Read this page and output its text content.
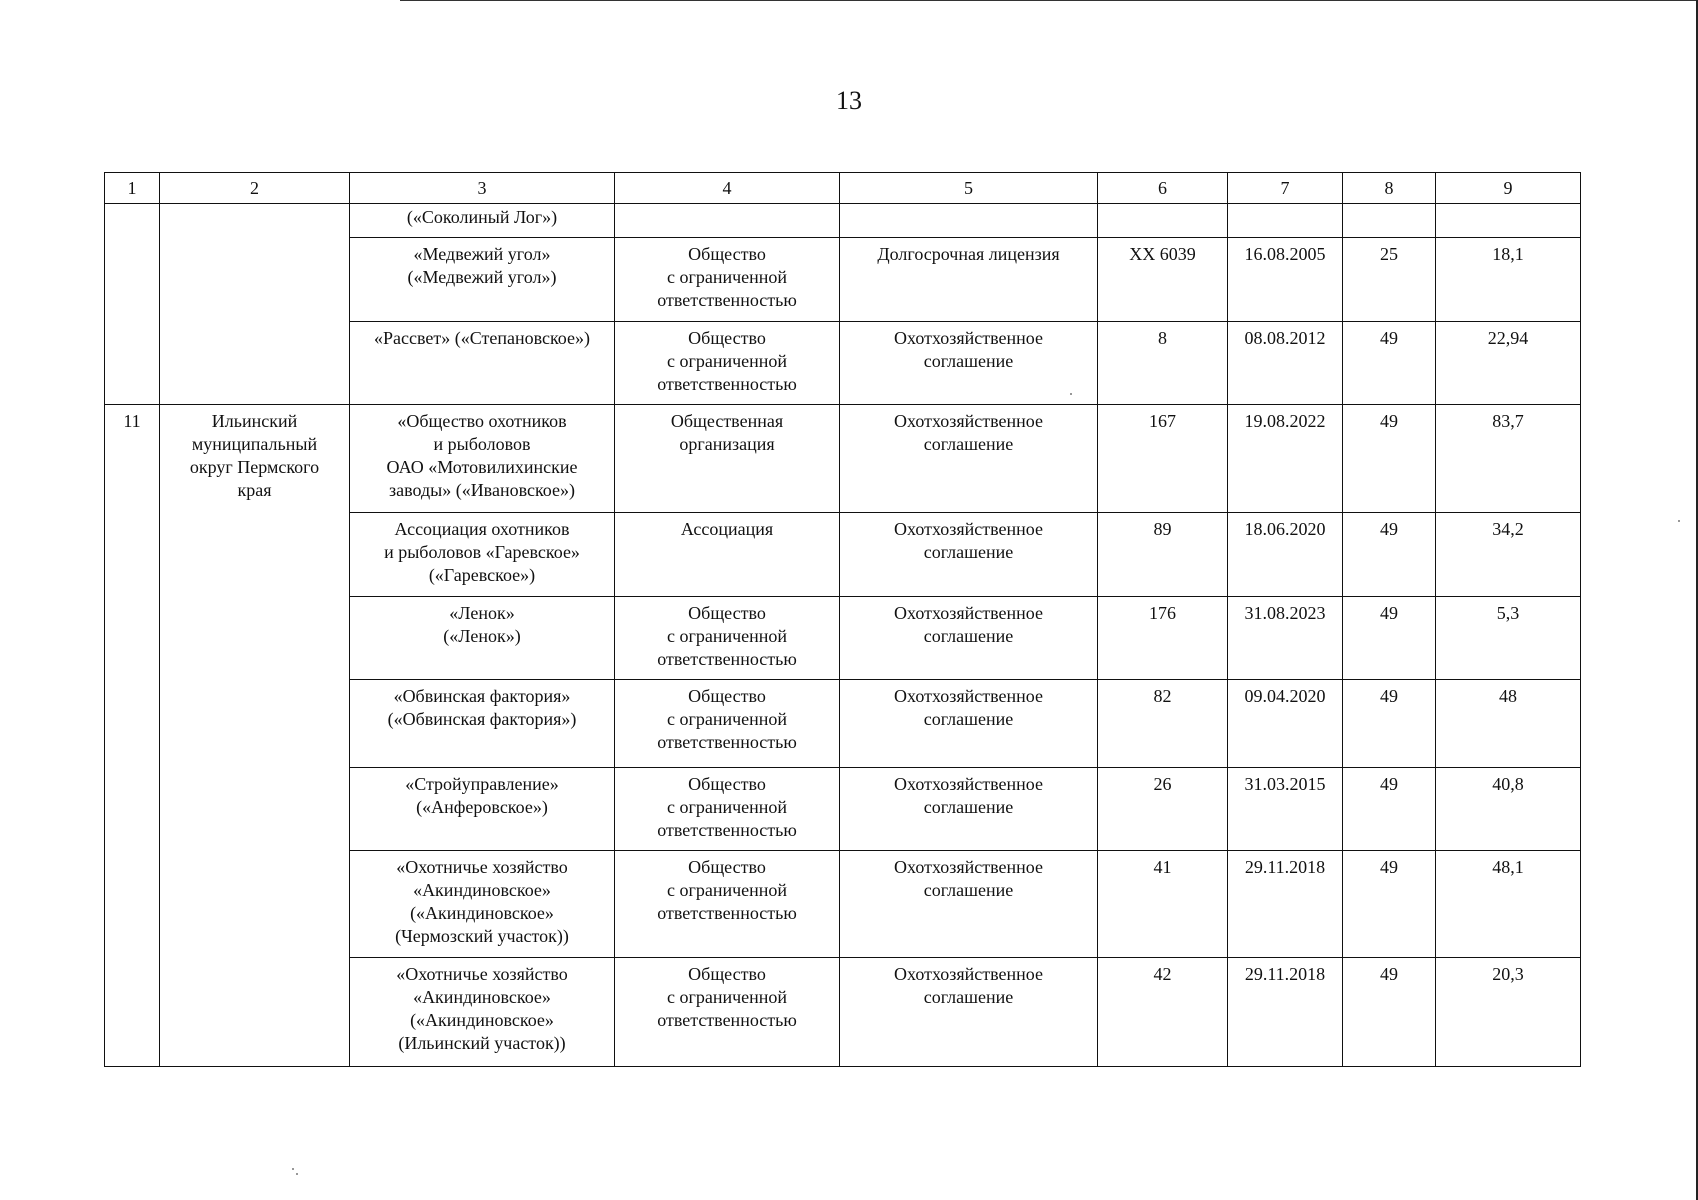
13
1	2	3	4	5	6	7	8	9
		(«Соколиный Лог»)						
		«Медвежий угол»
(«Медвежий угол»)	Общество
с ограниченной
ответственностью	Долгосрочная лицензия	ХХ 6039	16.08.2005	25	18,1
		«Рассвет» («Степановское»)	Общество
с ограниченной
ответственностью	Охотхозяйственное
соглашение	8	08.08.2012	49	22,94
11	Ильинский
муниципальный
округ Пермского
края	«Общество охотников
и рыболовов
ОАО «Мотовилихинские
заводы» («Ивановское»)	Общественная
организация	Охотхозяйственное
соглашение	167	19.08.2022	49	83,7
		Ассоциация охотников
и рыболовов «Гаревское»
(«Гаревское»)	Ассоциация	Охотхозяйственное
соглашение	89	18.06.2020	49	34,2
		«Ленок»
(«Ленок»)	Общество
с ограниченной
ответственностью	Охотхозяйственное
соглашение	176	31.08.2023	49	5,3
		«Обвинская фактория»
(«Обвинская фактория»)	Общество
с ограниченной
ответственностью	Охотхозяйственное
соглашение	82	09.04.2020	49	48
		«Стройуправление»
(«Анферовское»)	Общество
с ограниченной
ответственностью	Охотхозяйственное
соглашение	26	31.03.2015	49	40,8
		«Охотничье хозяйство
«Акиндиновское»
(«Акиндиновское»
(Чермозский участок))	Общество
с ограниченной
ответственностью	Охотхозяйственное
соглашение	41	29.11.2018	49	48,1
		«Охотничье хозяйство
«Акиндиновское»
(«Акиндиновское»
(Ильинский участок))	Общество
с ограниченной
ответственностью	Охотхозяйственное
соглашение	42	29.11.2018	49	20,3
